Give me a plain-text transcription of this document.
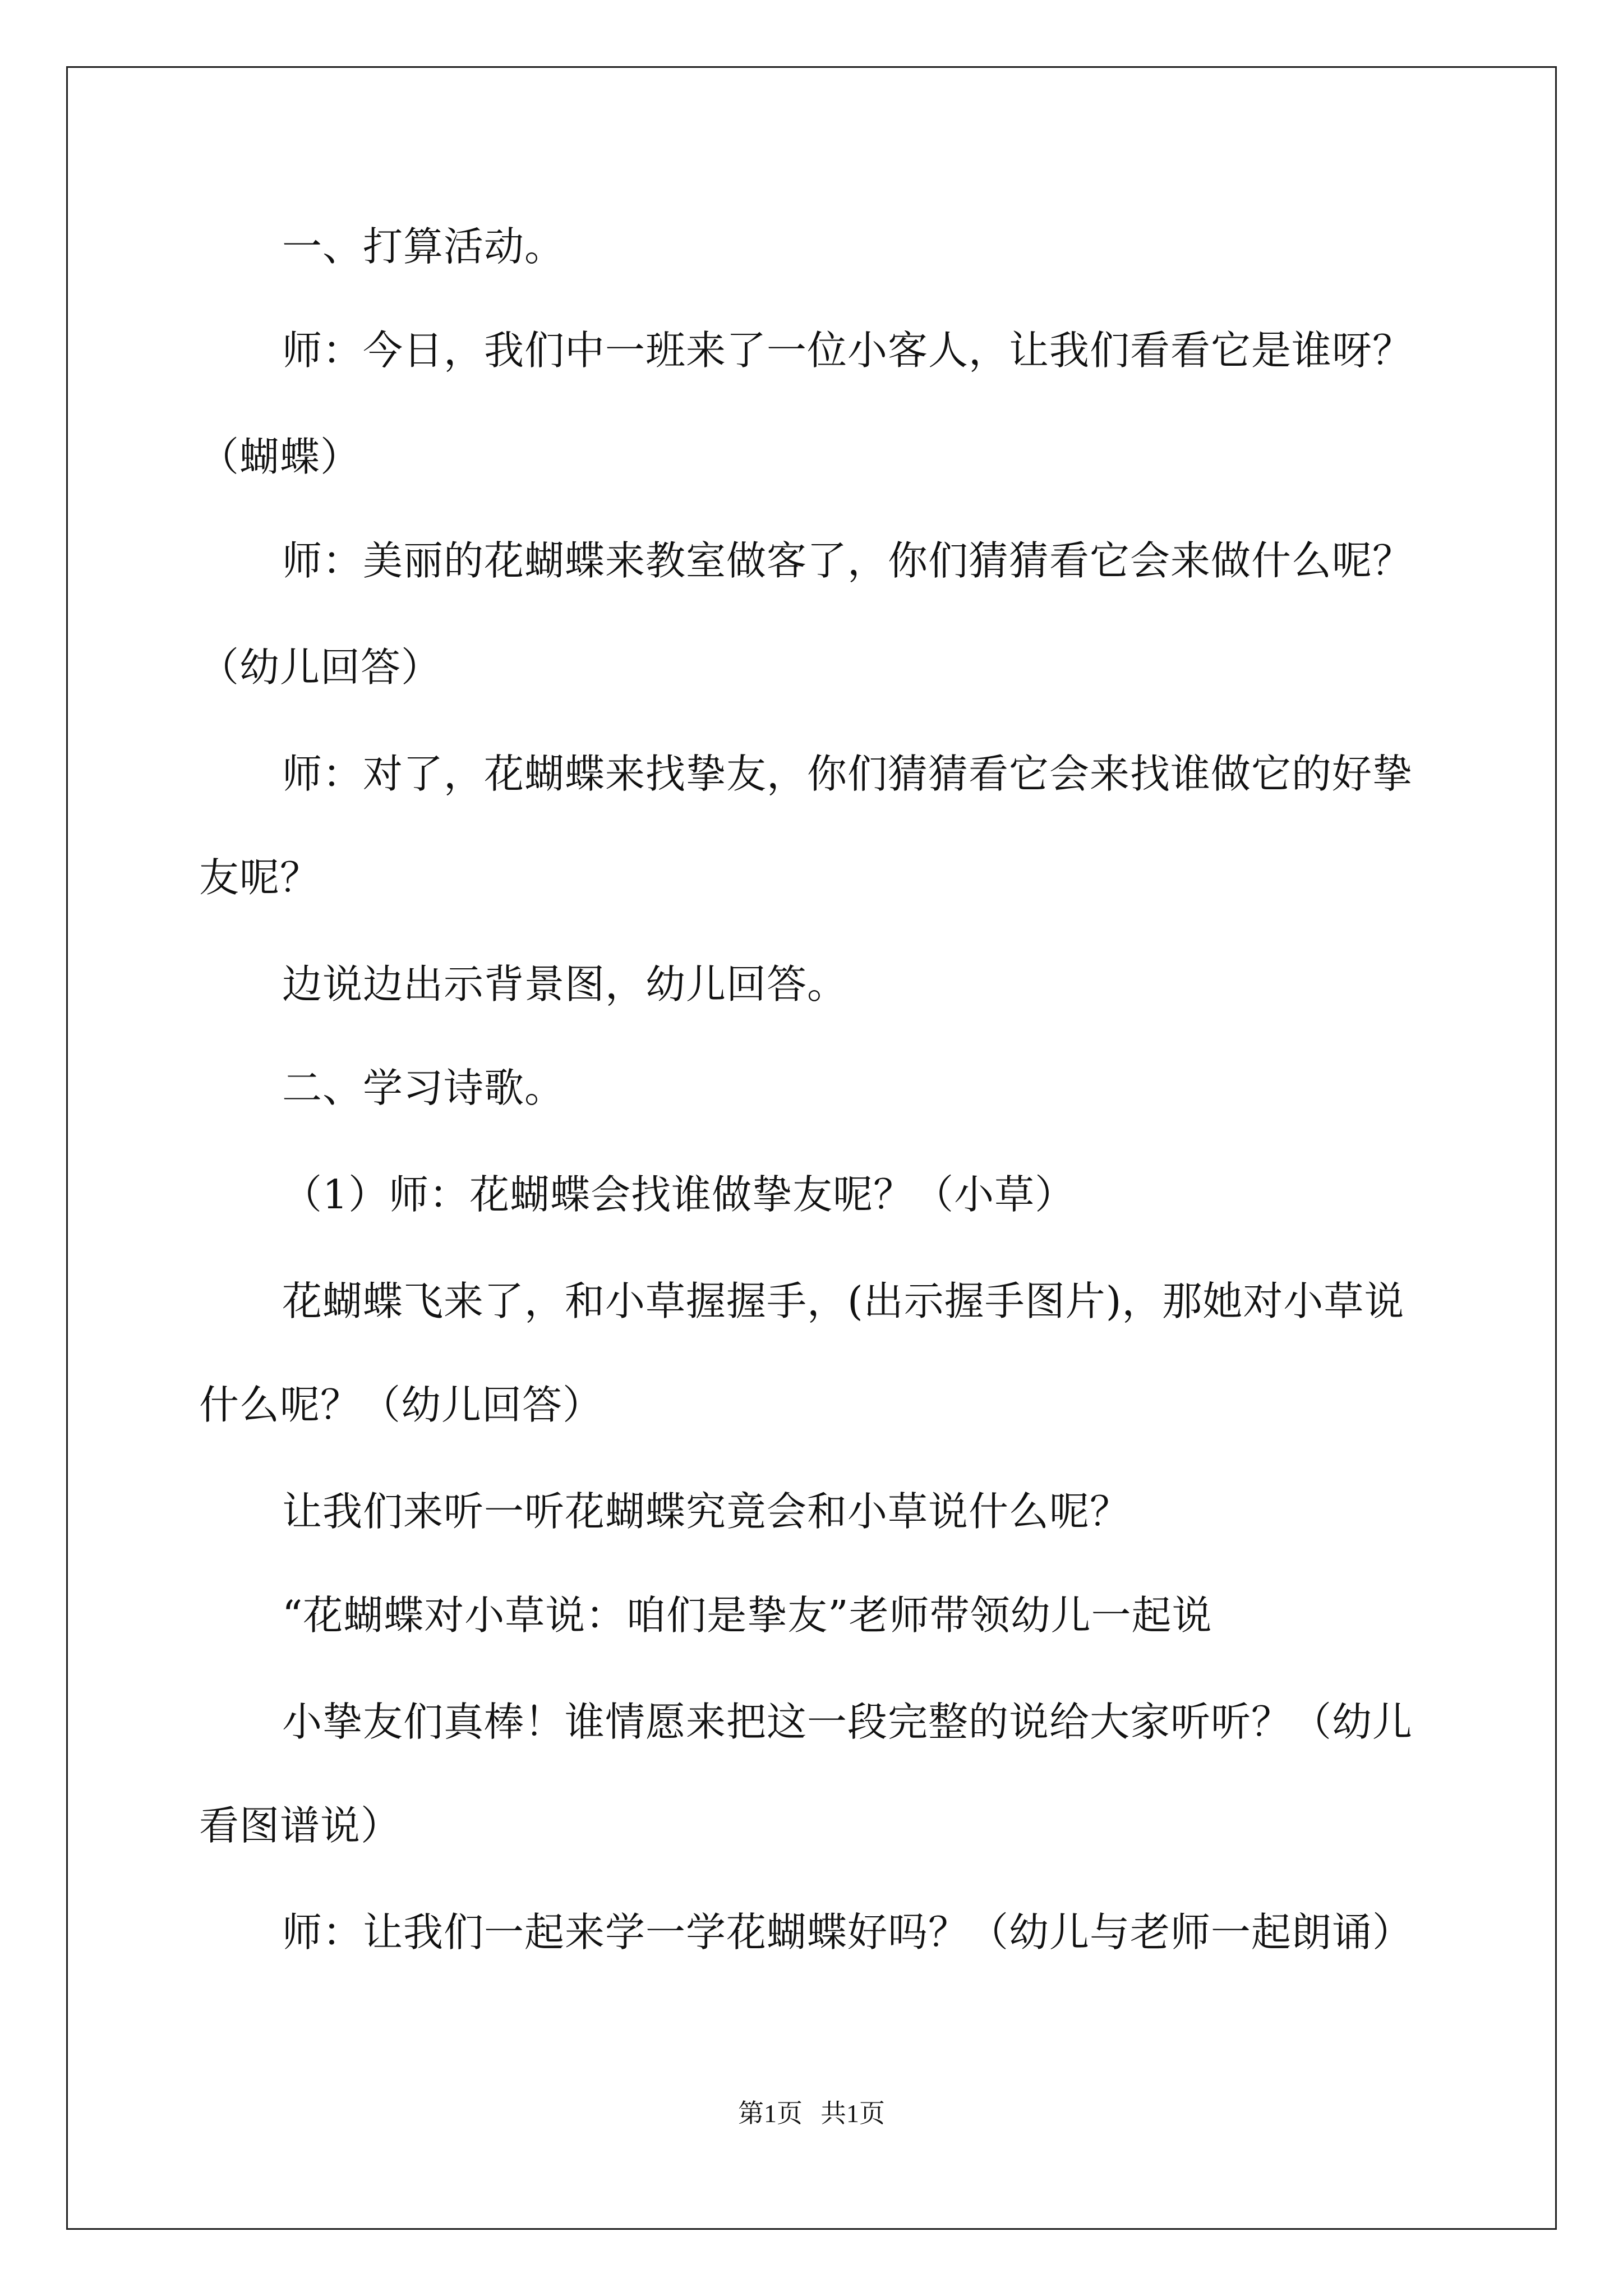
一、打算活动。
师：今日，我们中一班来了一位小客人，让我们看看它是谁呀？
（蝴蝶）
师：美丽的花蝴蝶来教室做客了，你们猜猜看它会来做什么呢？
（幼儿回答）
师：对了，花蝴蝶来找挚友，你们猜猜看它会来找谁做它的好挚
友呢？
边说边出示背景图，幼儿回答。
二、学习诗歌。
（1）师：花蝴蝶会找谁做挚友呢？（小草）
花蝴蝶飞来了，和小草握握手，(出示握手图片)，那她对小草说
什么呢？（幼儿回答）
让我们来听一听花蝴蝶究竟会和小草说什么呢？
“花蝴蝶对小草说：咱们是挚友”老师带领幼儿一起说
小挚友们真棒！谁情愿来把这一段完整的说给大家听听？（幼儿
看图谱说）
师：让我们一起来学一学花蝴蝶好吗？（幼儿与老师一起朗诵）
第1页 共1页
